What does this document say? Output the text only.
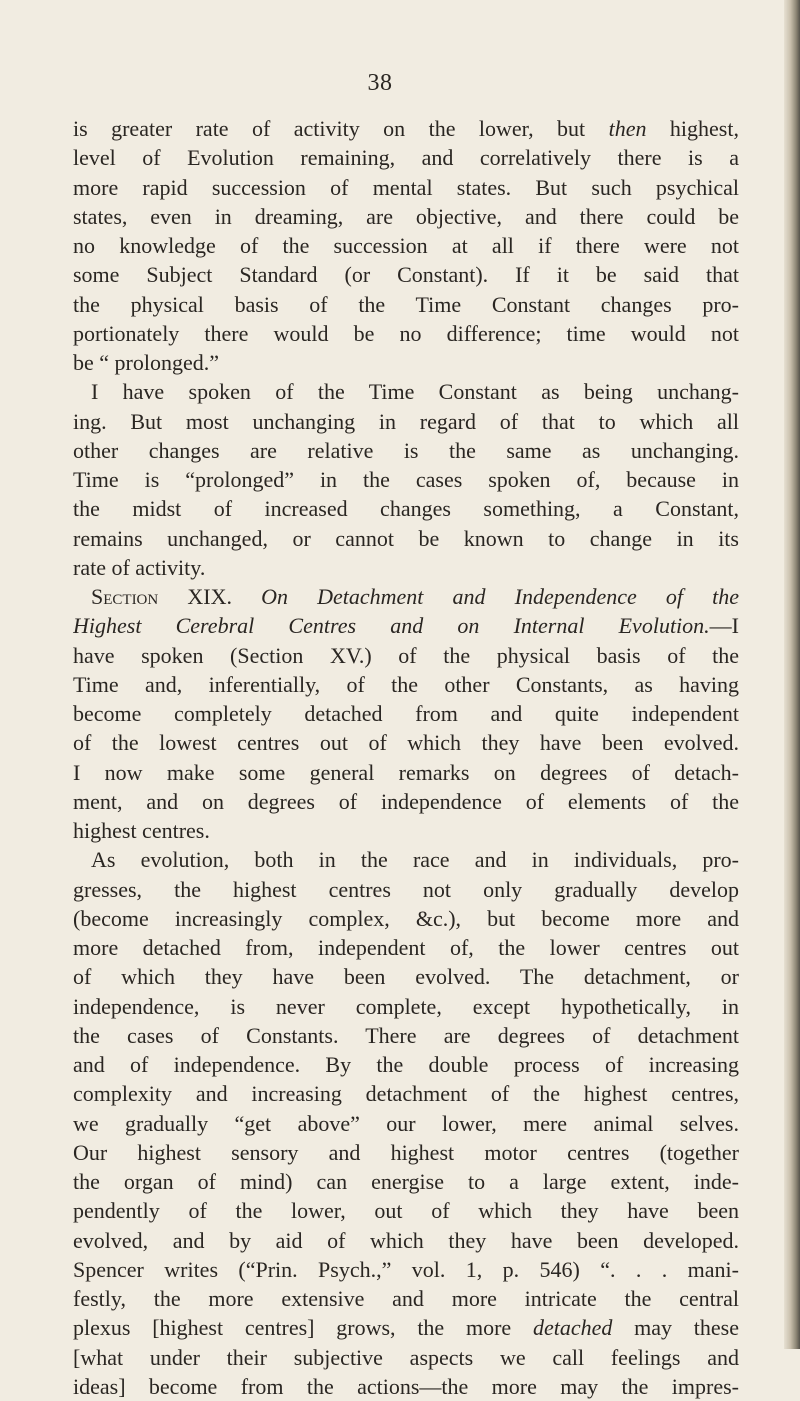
38

is greater rate of activity on the lower, but then highest,
level of Evolution remaining, and correlatively there is a
more rapid succession of mental states. But such psychical
states, even in dreaming, are objective, and there could be
no knowledge of the succession at all if there were not
some Subject Standard (or Constant). If it be said that
the physical basis of the Time Constant changes pro-
portionately there would be no difference; time would not
be “ prolonged.”
I have spoken of the Time Constant as being unchang-
ing. But most unchanging in regard of that to which all
other changes are relative is the same as unchanging.
Time is “prolonged” in the cases spoken of, because in
the midst of increased changes something, a Constant,
remains unchanged, or cannot be known to change in its
rate of activity.
Section XIX. On Detachment and Independence of the
Highest Cerebral Centres and on Internal Evolution.—I
have spoken (Section XV.) of the physical basis of the
Time and, inferentially, of the other Constants, as having
become completely detached from and quite independent
of the lowest centres out of which they have been evolved.
I now make some general remarks on degrees of detach-
ment, and on degrees of independence of elements of the
highest centres.
As evolution, both in the race and in individuals, pro-
gresses, the highest centres not only gradually develop
(become increasingly complex, &c.), but become more and
more detached from, independent of, the lower centres out
of which they have been evolved. The detachment, or
independence, is never complete, except hypothetically, in
the cases of Constants. There are degrees of detachment
and of independence. By the double process of increasing
complexity and increasing detachment of the highest centres,
we gradually “get above” our lower, mere animal selves.
Our highest sensory and highest motor centres (together
the organ of mind) can energise to a large extent, inde-
pendently of the lower, out of which they have been
evolved, and by aid of which they have been developed.
Spencer writes (“Prin. Psych.,” vol. 1, p. 546) “. . . mani-
festly, the more extensive and more intricate the central
plexus [highest centres] grows, the more detached may these
[what under their subjective aspects we call feelings and
ideas] become from the actions—the more may the impres-
